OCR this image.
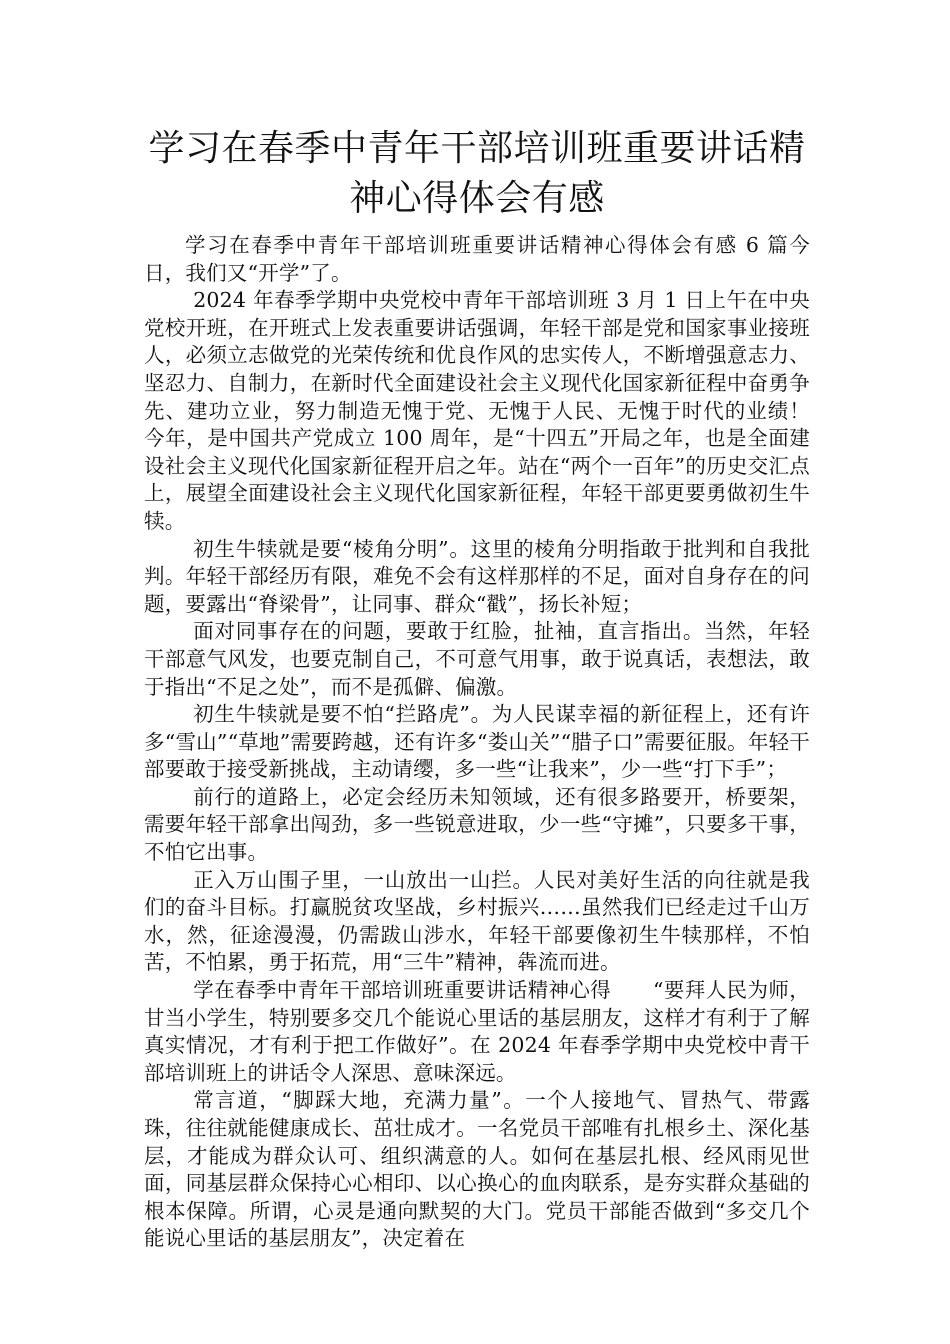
学习在春季中青年干部培训班重要讲话精神心得体会有感

学习在春季中青年干部培训班重要讲话精神心得体会有感 6 篇今日，我们又“开学”了。

2024 年春季学期中央党校中青年干部培训班 3 月 1 日上午在中央党校开班，在开班式上发表重要讲话强调，年轻干部是党和国家事业接班人，必须立志做党的光荣传统和优良作风的忠实传人，不断增强意志力、坚忍力、自制力，在新时代全面建设社会主义现代化国家新征程中奋勇争先、建功立业，努力制造无愧于党、无愧于人民、无愧于时代的业绩！ 今年，是中国共产党成立 100 周年，是“十四五”开局之年，也是全面建设社会主义现代化国家新征程开启之年。站在“两个一百年”的历史交汇点上，展望全面建设社会主义现代化国家新征程，年轻干部更要勇做初生牛犊。

初生牛犊就是要“棱角分明”。这里的棱角分明指敢于批判和自我批判。年轻干部经历有限，难免不会有这样那样的不足，面对自身存在的问题，要露出“脊梁骨”，让同事、群众“戳”，扬长补短；

面对同事存在的问题，要敢于红脸，扯袖，直言指出。当然，年轻干部意气风发，也要克制自己，不可意气用事，敢于说真话，表想法，敢于指出“不足之处”，而不是孤僻、偏激。

初生牛犊就是要不怕“拦路虎”。为人民谋幸福的新征程上，还有许多“雪山”“草地”需要跨越，还有许多“娄山关”“腊子口”需要征服。年轻干部要敢于接受新挑战，主动请缨，多一些“让我来”，少一些“打下手”；

前行的道路上，必定会经历未知领域，还有很多路要开，桥要架，需要年轻干部拿出闯劲，多一些锐意进取，少一些“守摊”，只要多干事，不怕它出事。

正入万山围子里，一山放出一山拦。人民对美好生活的向往就是我们的奋斗目标。打赢脱贫攻坚战，乡村振兴……虽然我们已经走过千山万水，然，征途漫漫，仍需跋山涉水，年轻干部要像初生牛犊那样，不怕苦，不怕累，勇于拓荒，用“三牛”精神，犇流而进。

学在春季中青年干部培训班重要讲话精神心得　　“要拜人民为师，甘当小学生，特别要多交几个能说心里话的基层朋友，这样才有利于了解真实情况，才有利于把工作做好”。在 2024 年春季学期中央党校中青干部培训班上的讲话令人深思、意味深远。

常言道，“脚踩大地，充满力量”。一个人接地气、冒热气、带露珠，往往就能健康成长、茁壮成才。一名党员干部唯有扎根乡土、深化基层，才能成为群众认可、组织满意的人。如何在基层扎根、经风雨见世面，同基层群众保持心心相印、以心换心的血肉联系，是夯实群众基础的根本保障。所谓，心灵是通向默契的大门。党员干部能否做到“多交几个能说心里话的基层朋友”，决定着在
